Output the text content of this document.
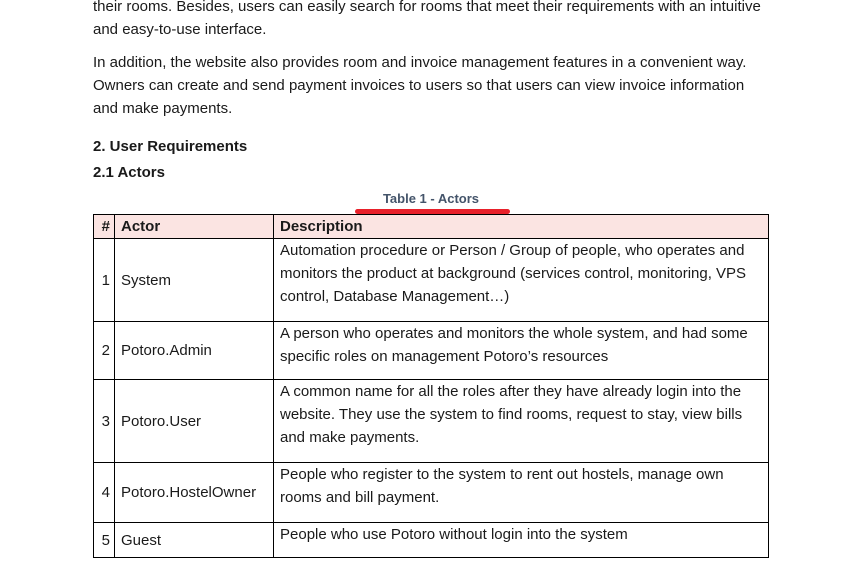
their rooms. Besides, users can easily search for rooms that meet their requirements with an intuitive and easy-to-use interface.

In addition, the website also provides room and invoice management features in a convenient way. Owners can create and send payment invoices to users so that users can view invoice information and make payments.

2. User Requirements

2.1 Actors

Table 1 - Actors
#	Actor	Description
1	System	Automation procedure or Person / Group of people, who operates and monitors the product at background (services control, monitoring, VPS control, Database Management…)
2	Potoro.Admin	A person who operates and monitors the whole system, and had some specific roles on management Potoro’s resources
3	Potoro.User	A common name for all the roles after they have already login into the website. They use the system to find rooms, request to stay, view bills and make payments.
4	Potoro.HostelOwner	People who register to the system to rent out hostels, manage own rooms and bill payment.
5	Guest	People who use Potoro without login into the system
